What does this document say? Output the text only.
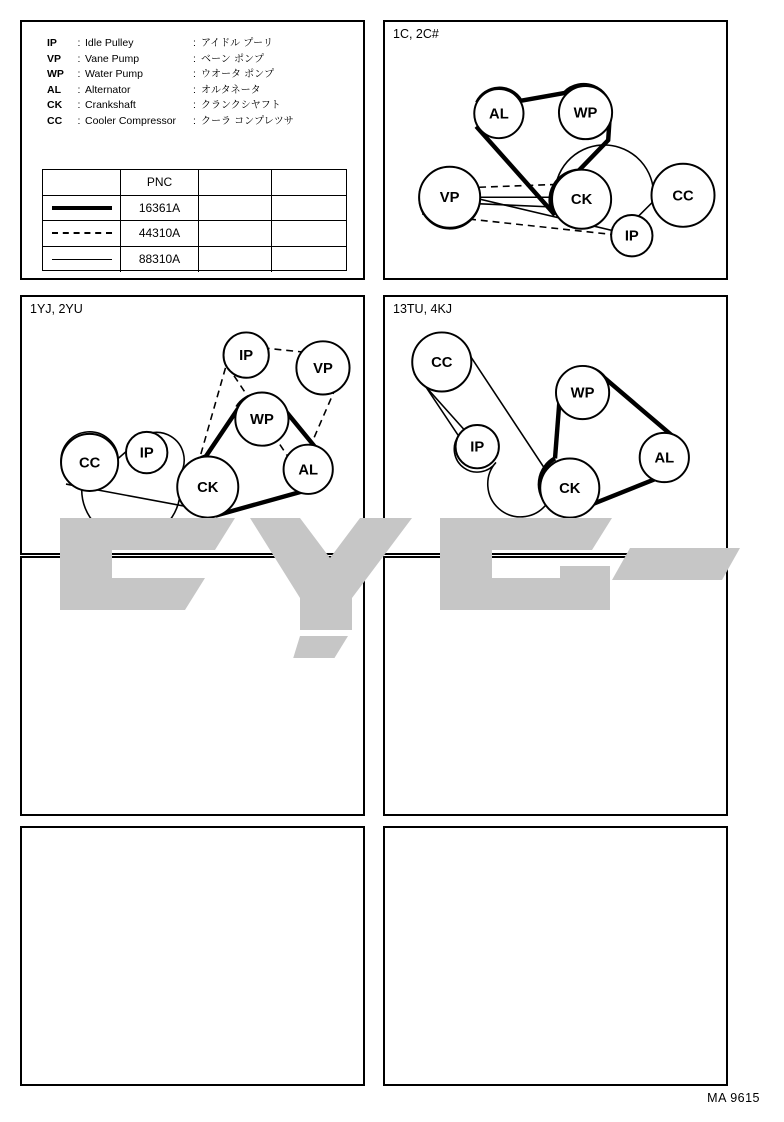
IP	: Idle Pulley	: アイドル プーリ
VP	: Vane Pump	: ベーン ポンプ
WP	: Water Pump	: ウオータ ポンプ
AL	: Alternator	: オルタネータ
CK	: Crankshaft	: クランクシヤフト
CC	: Cooler Compressor	: クーラ コンプレツサ
PNC
16361A
44310A
88310A
1C, 2C#
AL	WP
VP	CK
IP
CC
1YJ, 2YU
IP
VP
WP
CC
IP
CK
AL
13TU, 4KJ
CC
WP
IP
CK
AL
MA 9615
